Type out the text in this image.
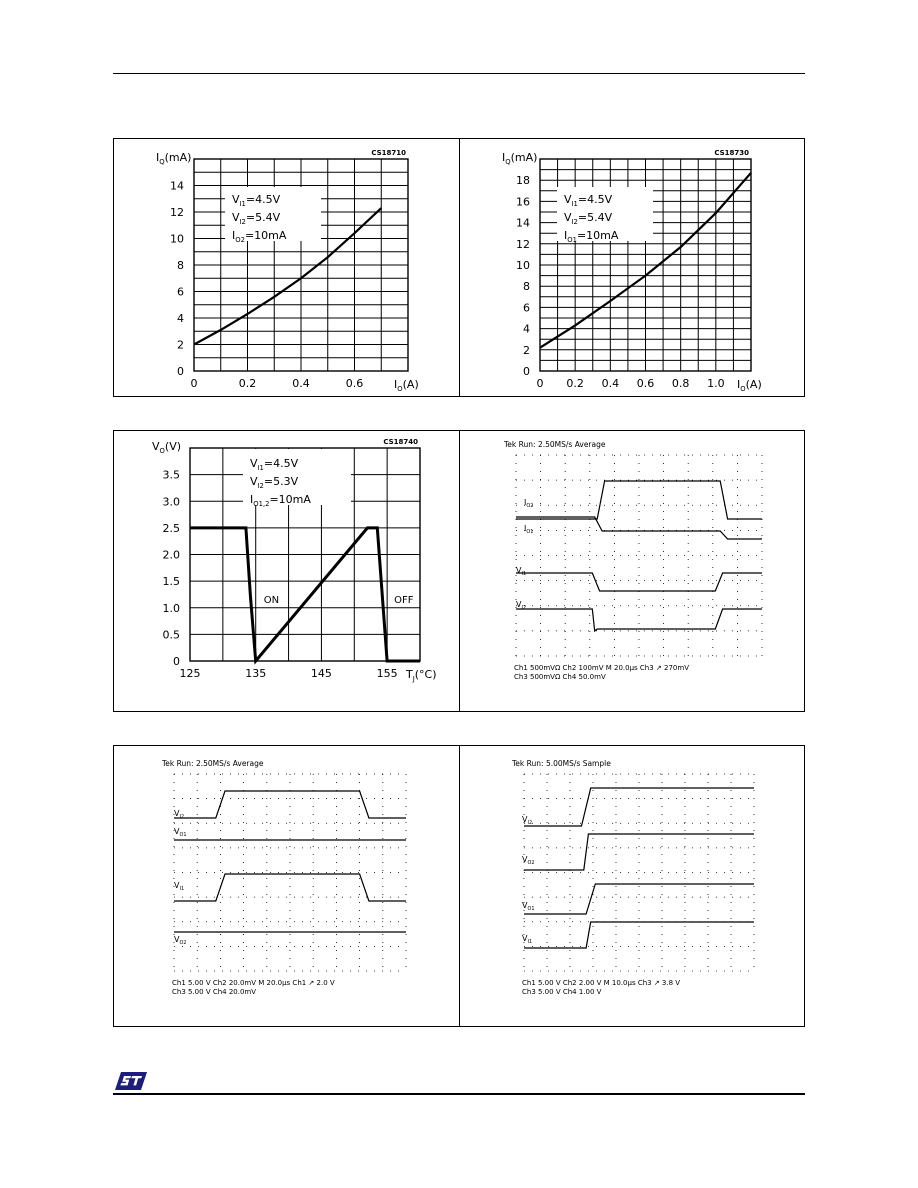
0	0.2	0.4	0.6
0
2
4
6
8
10
12
14
$I_Q(mA)$
$I_O(A)$
CS18710
$V_{I1}=4.5V$
$V_{I2}=5.4V$
$I_{O2}=10mA$
0 0.2 0.4 0.6 0.8 1.0
0
2
4
6
8
10
12
14
16
18
$I_Q(mA)$
$I_O(A)$
CS18730
$V_{I1}=4.5V$
$V_{I2}=5.4V$
$I_{O1}=10mA$
125	135	145	155
0
0.5
1.0
1.5
2.0
2.5
3.0
3.5
$V_O(V)$
$T_J(^\circ C)$
CS18740
$V_{I1}=4.5V$
$V_{I2}=5.3V$
$I_{O1,2}=10mA$
ON	OFF
Tek Run: 2.50MS/s Average
$I_{O2}$
$I_{O1}$
$V_{I1}$
$V_{I2}$
Ch1 500mVΩ Ch2 100mV M 20.0µs Ch3 ↗ 270mV
Ch3 500mVΩ Ch4 50.0mV
Tek Run: 2.50MS/s Average
$V_{I2}$
$V_{O1}$
$V_{I1}$
$V_{O2}$
Ch1 5.00 V Ch2 20.0mV M 20.0µs Ch1 ↗ 2.0 V
Ch3 5.00 V Ch4 20.0mV
Tek Run: 5.00MS/s Sample
$V_{I2}$
$V_{O2}$
$V_{O1}$
$V_{I1}$
Ch1 5.00 V Ch2 2.00 V M 10.0µs Ch3 ↗ 3.8 V
Ch3 5.00 V Ch4 1.00 V
